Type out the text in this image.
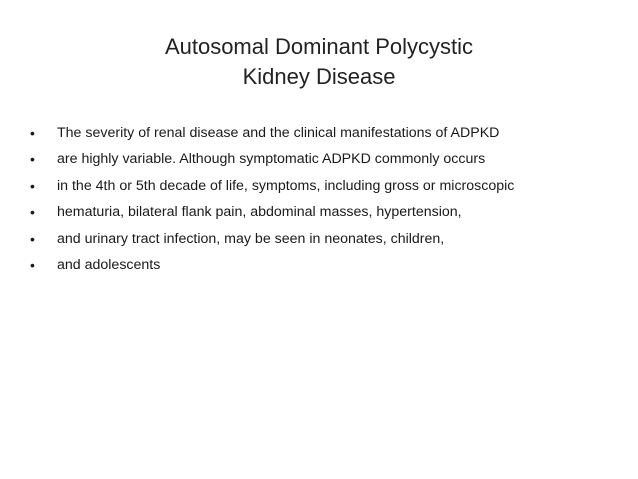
Autosomal Dominant Polycystic
Kidney Disease
•	The severity of renal disease and the clinical manifestations of ADPKD
•	are highly variable. Although symptomatic ADPKD commonly occurs
•	in the 4th or 5th decade of life, symptoms, including gross or microscopic
•	hematuria, bilateral flank pain, abdominal masses, hypertension,
•	and urinary tract infection, may be seen in neonates, children,
•	and adolescents
